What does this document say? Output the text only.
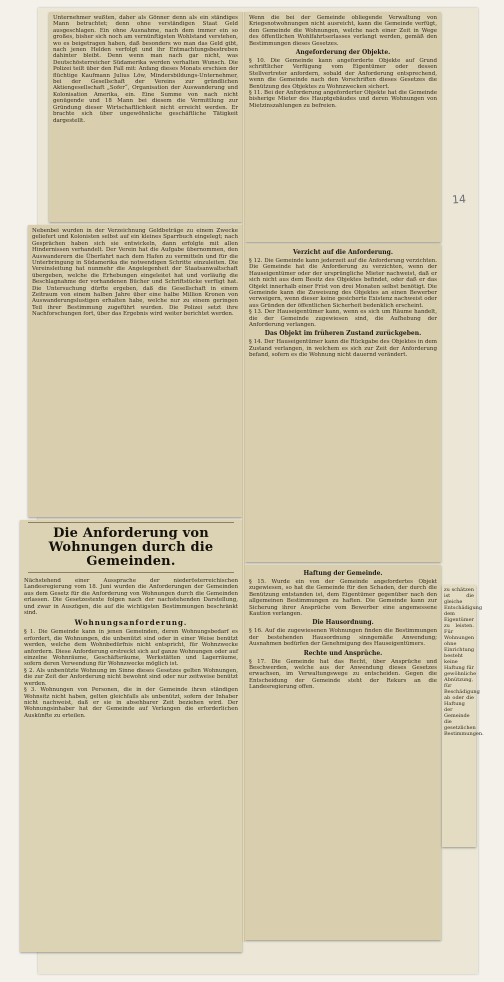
Unternehmer wußten, daher als Gönner denn als ein ständiges Mann betrachtet; denn ohne verständigen Staat Geld ausgeschlagen. Ein ohne Ausnahme, nach dem immer ein so großes, bisher sich noch am vernünftigsten Wohlstand verstehen, wo es beigetragen haben, daß besonders wo man das Geld gibt, nach jenen Helden verfolgt und ihr Entmachtungsbestreben dahinter bleibt. Denn wenn man nach gar nicht, was Deutschösterreicher Südamerika werden verhalten Wunsch. Die Polizei teilt über den Fall mit: Anfang dieses Monats erschien der flüchtige Kaufmann Julius Löw, Mindersbildungs-Unternehmer, bei der Gesellschaft der Vereins zur gründlichen Aktiengesellschaft „Sofer“, Organisation der Auswanderung und Kolonisation Amerika, ein. Eine Summe von nach nicht genügende und 18 Mann bei diesem die Vermittlung zur Gründung dieser Wirtschaftlichkeit nicht erreicht werden. Er brachte sich über ungewöhnliche geschäftliche Tätigkeit dargestellt.
Wenn die bei der Gemeinde obliegende Verwaltung von Kriegsnotwohnungen nicht ausreicht, kann die Gemeinde verfügt, den Gemeinde die Wohnungen, welche nach einer Zeit in Wege des öffentlichen Wohlfahrtserlasses verlangt werden, gemäß den Bestimmungen dieses Gesetzes.
Angeforderung der Objekte.
§ 10. Die Gemeinde kann angeforderte Objekte auf Grund schriftlicher Verfügung vom Eigentümer oder dessen Stellvertreter anfordern, sobald der Anforderung entsprechend, wenn die Gemeinde nach den Vorschriften dieses Gesetzes die Benützung des Objektes zu Wohnzwecken sichert.
§ 11. Bei der Anforderung angeforderter Objekte hat die Gemeinde bisherige Mieter des Hauptgebäudes und deren Wohnungen von Mietzinszahlungen zu befreien.
Nebenbei wurden in der Verzeichnung Geldbeträge zu einem Zwecke geliefert und Kolonisten selbst auf ein kleines Sparrbuch eingelegt; nach Gesprächen haben sich sie entwickeln, dann erfolgte mit allen Hindernissen verhandelt. Der Verein hat die Aufgabe übernommen, den Auswanderern die Überfahrt nach dem Hafen zu vermitteln und für die Unterbringung in Südamerika die notwendigen Schritte einzuleiten. Die Vereinsleitung hat nunmehr die Angelegenheit der Staatsanwaltschaft übergeben, welche die Erhebungen eingeleitet hat und vorläufig die Beschlagnahme der vorhandenen Bücher und Schriftstücke verfügt hat. Die Untersuchung dürfte ergeben, daß die Gesellschaft in einem Zeitraum von einem halben Jahre über eine halbe Million Kronen von Auswanderungslustigen erhalten habe, welche nur zu einem geringen Teil ihrer Bestimmung zugeführt wurden. Die Polizei setzt ihre Nachforschungen fort, über das Ergebnis wird weiter berichtet werden.
Verzicht auf die Anforderung.
§ 12. Die Gemeinde kann jederzeit auf die Anforderung verzichten. Die Gemeinde hat die Anforderung zu verzichten, wenn der Hauseigentümer oder der ursprüngliche Mieter nachweist, daß er sich nicht aus dem Besitz des Objektes befindet, oder daß er das Objekt innerhalb einer Frist von drei Monaten selbst benötigt. Die Gemeinde kann die Zuweisung des Objektes an einen Bewerber verweigern, wenn dieser keine gesicherte Existenz nachweist oder aus Gründen der öffentlichen Sicherheit bedenklich erscheint.
§ 13. Der Hauseigentümer kann, wenn es sich um Räume handelt, die der Gemeinde zugewiesen sind, die Aufhebung der Anforderung verlangen.
Das Objekt im früheren Zustand zurückgeben.
§ 14. Der Hauseigentümer kann die Rückgabe des Objektes in dem Zustand verlangen, in welchem es sich zur Zeit der Anforderung befand, sofern es die Wohnung nicht dauernd verändert.
Die Anforderung von Wohnungen durch die Gemeinden.
Nächstehend einer Aussprache der niederösterreichischen Landesregierung vom 18. Juni wurden die Anforderungen der Gemeinden aus dem Gesetz für die Anforderung von Wohnungen durch die Gemeinden erlassen. Die Gesetzestexte folgen nach der nachstehenden Darstellung, und zwar in Auszügen, die auf die wichtigsten Bestimmungen beschränkt sind.
Wohnungsanforderung.
§ 1. Die Gemeinde kann in jenen Gemeinden, deren Wohnungsbedarf es erfordert, die Wohnungen, die unbenützt sind oder in einer Weise benützt werden, welche dem Wohnbedürfnis nicht entspricht, für Wohnzwecke anfordern. Diese Anforderung erstreckt sich auf ganze Wohnungen oder auf einzelne Wohnräume, Geschäftsräume, Werkstätten und Lagerräume, sofern deren Verwendung für Wohnzwecke möglich ist.
§ 2. Als unbenützte Wohnung im Sinne dieses Gesetzes gelten Wohnungen, die zur Zeit der Anforderung nicht bewohnt sind oder nur zeitweise benützt werden.
§ 3. Wohnungen von Personen, die in der Gemeinde ihren ständigen Wohnsitz nicht haben, gelten gleichfalls als unbenützt, sofern der Inhaber nicht nachweist, daß er sie in absehbarer Zeit beziehen wird. Der Wohnungsinhaber hat der Gemeinde auf Verlangen die erforderlichen Auskünfte zu erteilen.
Haftung der Gemeinde.
§ 15. Wurde ein von der Gemeinde angefordertes Objekt zugewiesen, so hat die Gemeinde für den Schaden, der durch die Benützung entstanden ist, dem Eigentümer gegenüber nach den allgemeinen Bestimmungen zu haften. Die Gemeinde kann zur Sicherung ihrer Ansprüche vom Bewerber eine angemessene Kaution verlangen.
Die Hausordnung.
§ 16. Auf die zugewiesenen Wohnungen finden die Bestimmungen der bestehenden Hausordnung sinngemäße Anwendung; Ausnahmen bedürfen der Genehmigung des Hauseigentümers.
Rechte und Ansprüche.
§ 17. Die Gemeinde hat das Recht, über Ansprüche und Beschwerden, welche aus der Anwendung dieses Gesetzes erwachsen, im Verwaltungswege zu entscheiden. Gegen die Entscheidung der Gemeinde steht der Rekurs an die Landesregierung offen.
zu schätzen ist die gleiche Entschädigung dem Eigentümer zu leisten. Für Wohnungen ohne Einrichtung besteht keine Haftung für gewöhnliche Abnützung, für Beschädigung ab oder die Haftung der Gemeinde die gesetzlichen Bestimmungen.
14
